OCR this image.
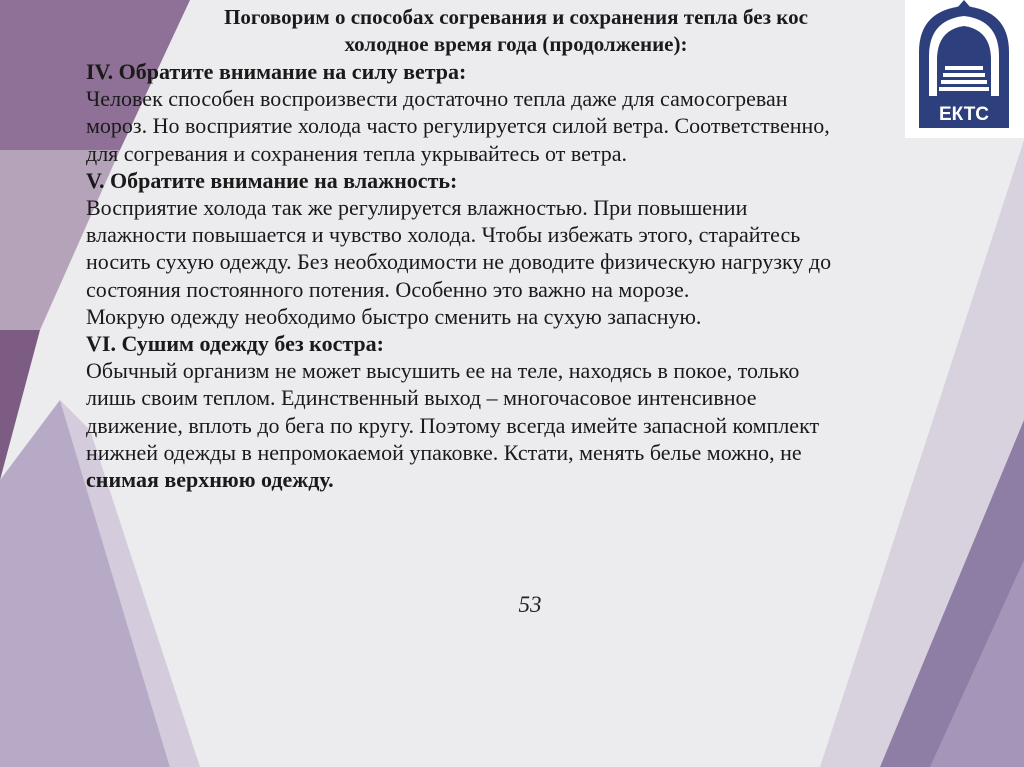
ЕКТС
Поговорим о способах согревания и сохранения тепла без кос
холодное время года (продолжение):

IV. Обратите внимание на силу ветра:

Человек способен воспроизвести достаточно тепла даже для самосогреван
мороз. Но восприятие холода часто регулируется силой ветра. Соответственно,
для согревания и сохранения тепла укрывайтесь от ветра.

V. Обратите внимание на влажность:

Восприятие холода так же регулируется влажностью. При повышении
влажности повышается и чувство холода. Чтобы избежать этого, старайтесь
носить сухую одежду. Без необходимости не доводите физическую нагрузку до
состояния постоянного потения. Особенно это важно на морозе.
Мокрую одежду необходимо быстро сменить на сухую запасную.

VI. Сушим одежду без костра:

Обычный организм не может высушить ее на теле, находясь в покое, только
лишь своим теплом. Единственный выход – многочасовое интенсивное
движение, вплоть до бега по кругу. Поэтому всегда имейте запасной комплект
нижней одежды в непромокаемой упаковке. Кстати, менять белье можно, не
снимая верхнюю одежду.

53
